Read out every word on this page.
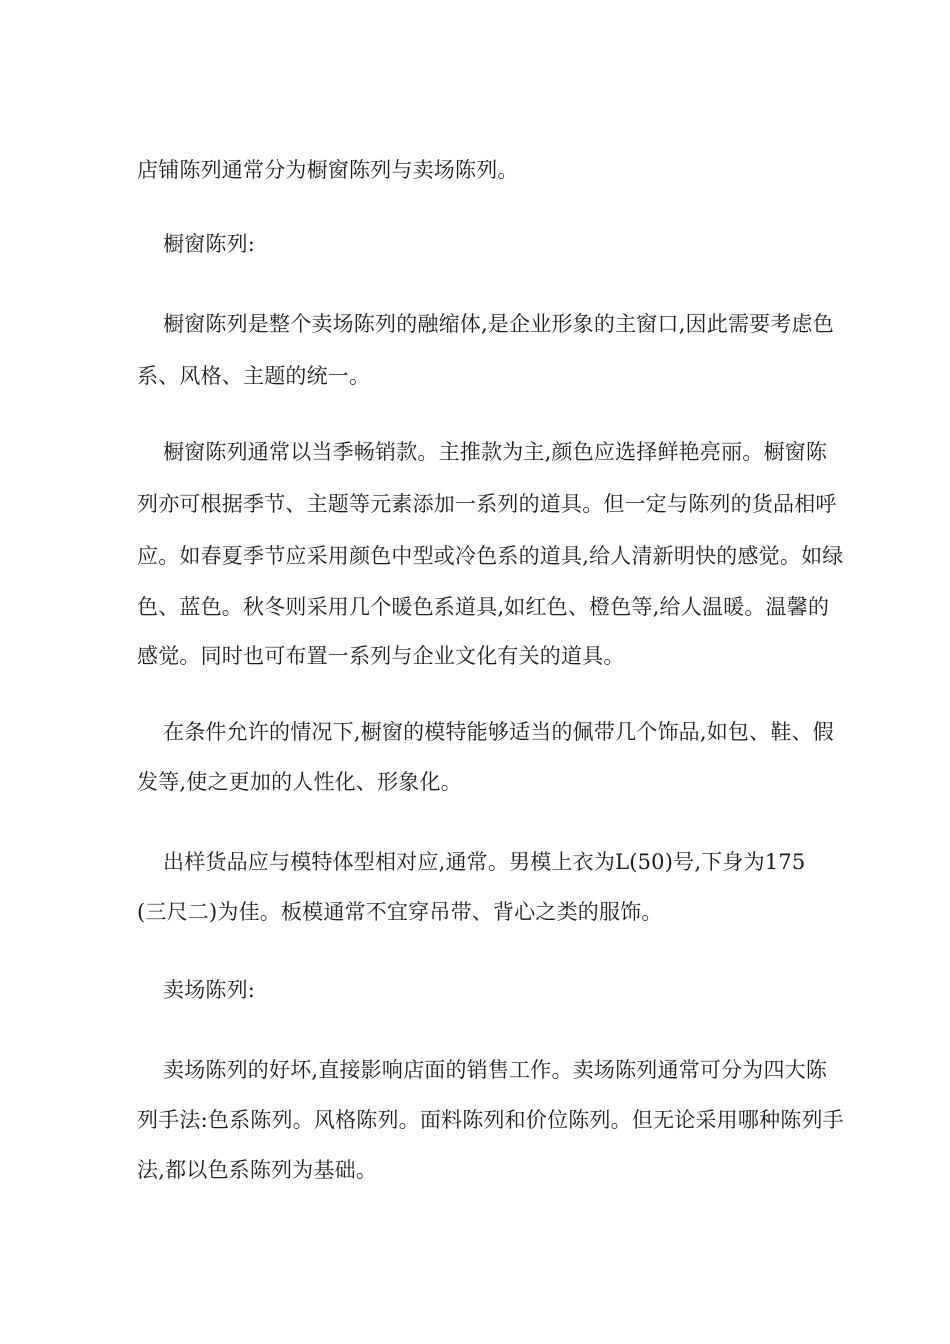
店铺陈列通常分为橱窗陈列与卖场陈列。
橱窗陈列:
橱窗陈列是整个卖场陈列的融缩体,是企业形象的主窗口,因此需要考虑色
系、风格、主题的统一。
橱窗陈列通常以当季畅销款。主推款为主,颜色应选择鲜艳亮丽。橱窗陈
列亦可根据季节、主题等元素添加一系列的道具。但一定与陈列的货品相呼
应。如春夏季节应采用颜色中型或冷色系的道具,给人清新明快的感觉。如绿
色、蓝色。秋冬则采用几个暖色系道具,如红色、橙色等,给人温暖。温馨的
感觉。同时也可布置一系列与企业文化有关的道具。
在条件允许的情况下,橱窗的模特能够适当的佩带几个饰品,如包、鞋、假
发等,使之更加的人性化、形象化。
出样货品应与模特体型相对应,通常。男模上衣为L(50)号,下身为175
(三尺二)为佳。板模通常不宜穿吊带、背心之类的服饰。
卖场陈列:
卖场陈列的好坏,直接影响店面的销售工作。卖场陈列通常可分为四大陈
列手法:色系陈列。风格陈列。面料陈列和价位陈列。但无论采用哪种陈列手
法,都以色系陈列为基础。
